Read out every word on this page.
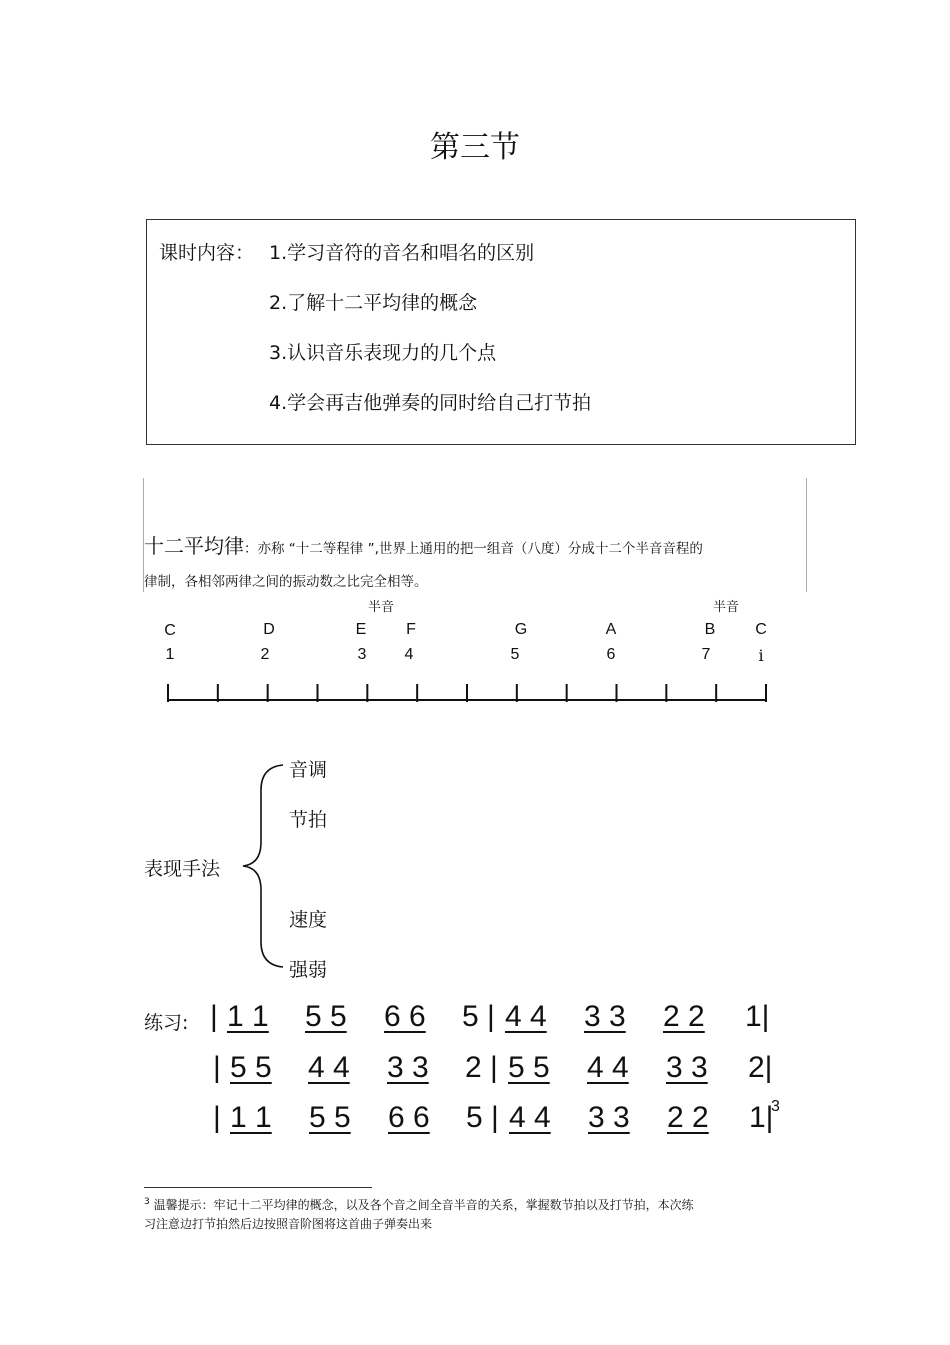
第三节
课时内容： 1.学习音符的音名和唱名的区别
2.了解十二平均律的概念
3.认识音乐表现力的几个点
4.学会再吉他弹奏的同时给自己打节拍
十二平均律：亦称 “十二等程律 ”,世界上通用的把一组音（八度）分成十二个半音音程的
律制，各相邻两律之间的振动数之比完全相等。
半音	半音
C	D	E F	G	A	B C
1	2	3 4	5	6	7	i
表现手法
音调
节拍
速度
强弱
练习: | 1 1 5 5 6 6 5 | 4 4 3 3 2 2 1|
| 5 5 4 4 3 3 2 | 5 5 4 4 3 3 2|
| 1 1 5 5 6 6 5 | 4 4 3 3 2 2 1|
3
$^3$ 温馨提示：牢记十二平均律的概念，以及各个音之间全音半音的关系，掌握数节拍以及打节拍，本次练
习注意边打节拍然后边按照音阶图将这首曲子弹奏出来
